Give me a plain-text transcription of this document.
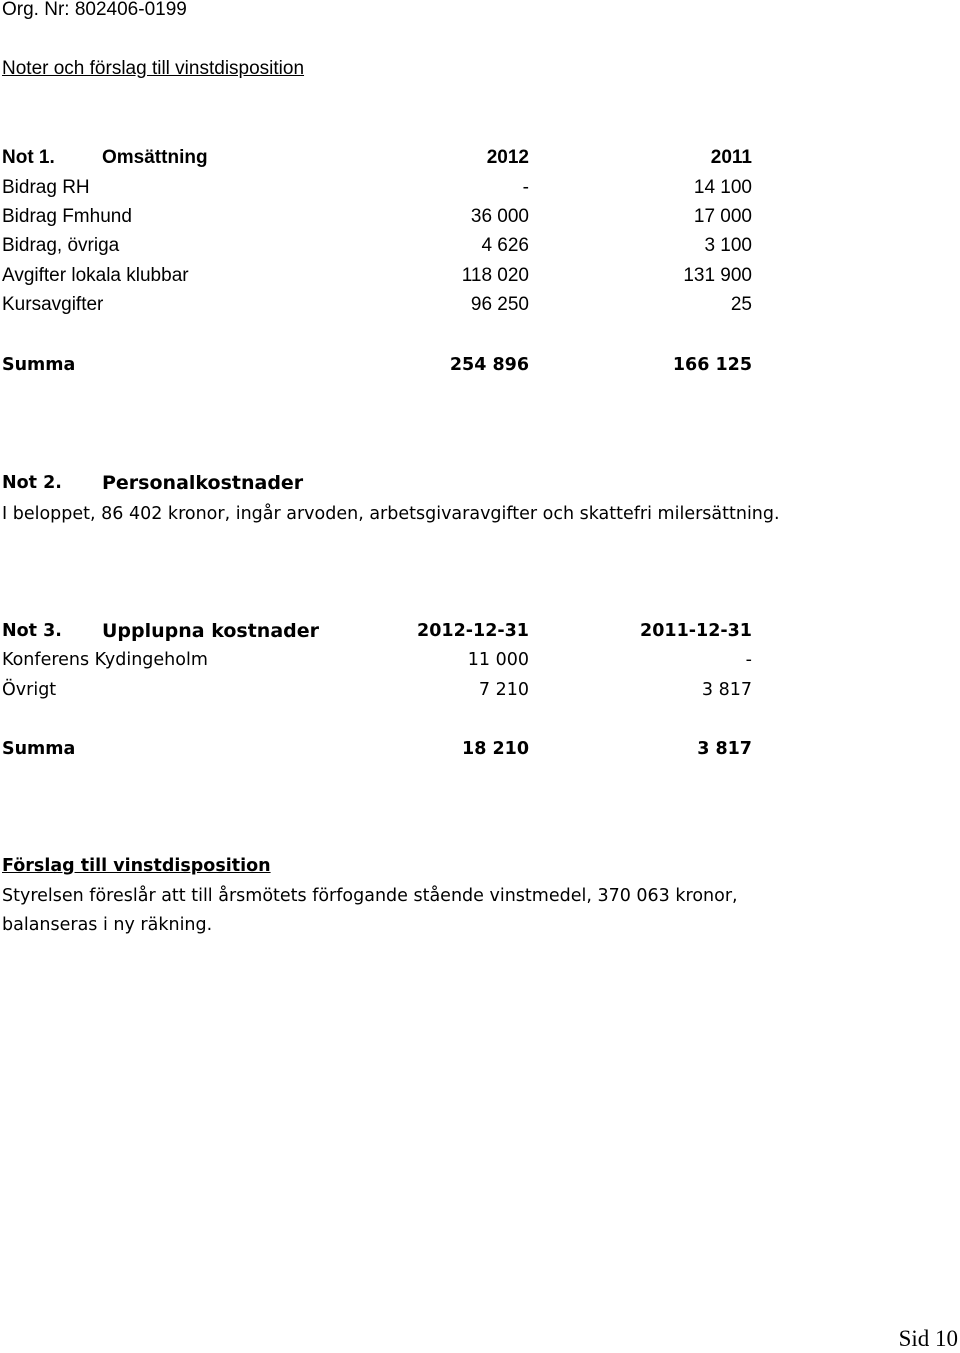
Org. Nr: 802406-0199
Noter och förslag till vinstdisposition
Not 1. Omsättning	2012	2011
Bidrag RH	-	14 100
Bidrag Fmhund	36 000	17 000
Bidrag, övriga	4 626	3 100
Avgifter lokala klubbar	118 020	131 900
Kursavgifter	96 250	25
Summa	254 896	166 125
Not 2. Personalkostnader
I beloppet, 86 402 kronor, ingår arvoden, arbetsgivaravgifter och skattefri milersättning.
Not 3. Upplupna kostnader	2012-12-31	2011-12-31
Konferens Kydingeholm	11 000	-
Övrigt	7 210	3 817
Summa	18 210	3 817
Förslag till vinstdisposition
Styrelsen föreslår att till årsmötets förfogande stående vinstmedel, 370 063 kronor,
balanseras i ny räkning.
Sid 10
